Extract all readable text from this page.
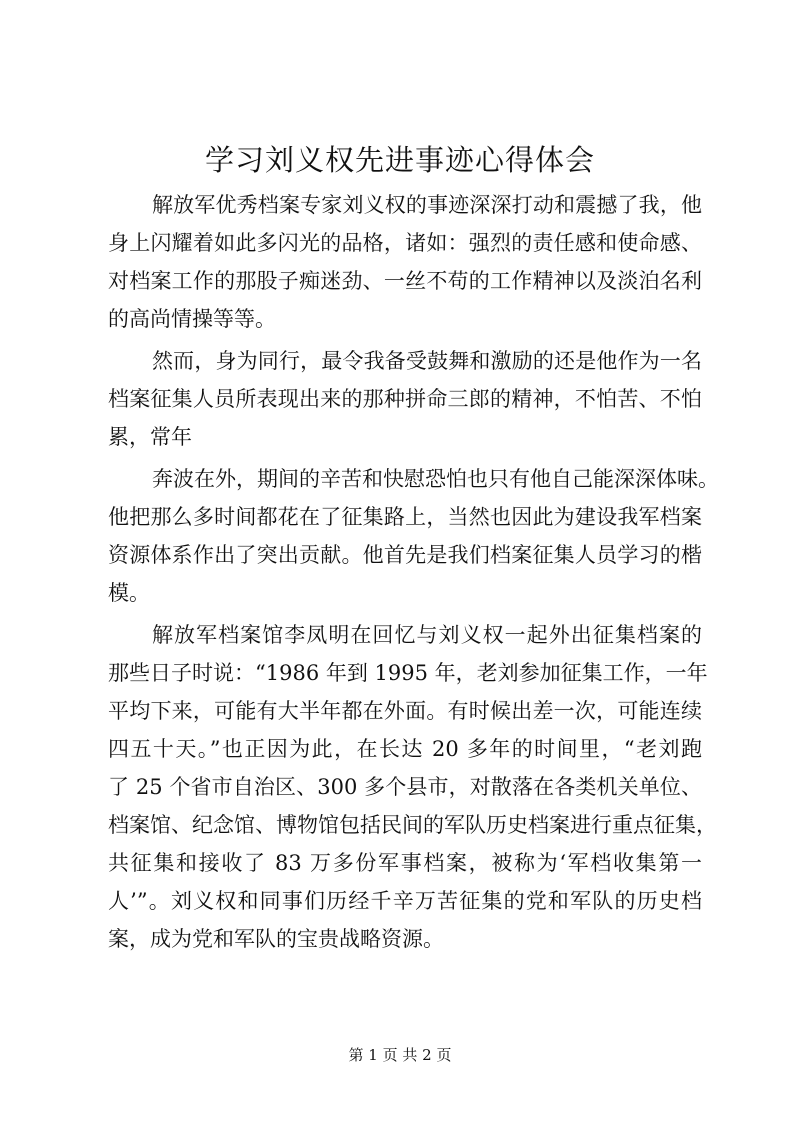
学习刘义权先进事迹心得体会
解放军优秀档案专家刘义权的事迹深深打动和震撼了我，他
身上闪耀着如此多闪光的品格，诸如：强烈的责任感和使命感、
对档案工作的那股子痴迷劲、一丝不苟的工作精神以及淡泊名利
的高尚情操等等。
然而，身为同行，最令我备受鼓舞和激励的还是他作为一名
档案征集人员所表现出来的那种拼命三郎的精神，不怕苦、不怕
累，常年
奔波在外，期间的辛苦和快慰恐怕也只有他自己能深深体味。
他把那么多时间都花在了征集路上，当然也因此为建设我军档案
资源体系作出了突出贡献。他首先是我们档案征集人员学习的楷
模。
解放军档案馆李凤明在回忆与刘义权一起外出征集档案的
那些日子时说：“1986 年到 1995 年，老刘参加征集工作，一年
平均下来，可能有大半年都在外面。有时候出差一次，可能连续
四五十天。”也正因为此，在长达 20 多年的时间里，“老刘跑
了 25 个省市自治区、300 多个县市，对散落在各类机关单位、
档案馆、纪念馆、博物馆包括民间的军队历史档案进行重点征集，
共征集和接收了 83 万多份军事档案，被称为‘军档收集第一
人’”。刘义权和同事们历经千辛万苦征集的党和军队的历史档
案，成为党和军队的宝贵战略资源。
第 1 页 共 2 页
